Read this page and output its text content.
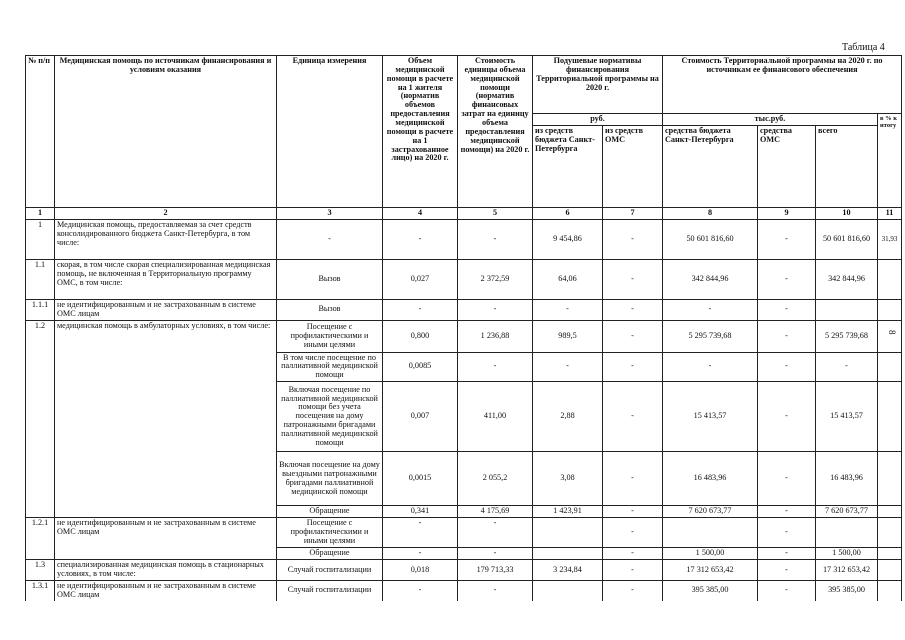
Таблица 4
8
№ п/п	Медицинская помощь по источникам финансирования и условиям оказания	Единица измерения	Объем медицинской помощи в расчете на 1 жителя (норматив объемов предоставления медицинской помощи в расчете на 1 застрахованное лицо) на 2020 г.	Стоимость единицы объема медицинской помощи (норматив финансовых затрат на единицу объема предоставления медицинской помощи) на 2020 г.	Подушевые нормативы финансирования Территориальной программы на 2020 г.		Стоимость Территориальной программы на 2020 г. по источникам ее финансового обеспечения			

					руб.		тыс.руб.			в % к итогу
					из средств бюджета Санкт-Петербурга	из средств ОМС	средства бюджета Санкт-Петербурга	средства ОМС	всего	
1	2	3	4	5	6	7	8	9	10	11
1	Медицинская помощь, предоставляемая за счет средств консолидированного бюджета Санкт-Петербурга, в том числе:	-	-	-	9 454,86	-	50 601 816,60	-	50 601 816,60	31,93
1.1	скорая, в том числе скорая специализированная медицинская помощь, не включенная в Территориальную программу ОМС, в том числе:	Вызов	0,027	2 372,59	64,06	-	342 844,96	-	342 844,96	
1.1.1	не идентифицированным и не застрахованным в системе ОМС лицам	Вызов	-	-	-	-	-	-		
1.2	медицинская помощь в амбулаторных условиях, в том числе:	Посещение с профилактическими и иными целями	0,800	1 236,88	989,5	-	5 295 739,68	-	5 295 739,68	
		В том числе посещение по паллиативной медицинской помощи	0,0085	-	-	-	-	-	-	
		Включая посещение по паллиативной медицинской помощи без учета посещения на дому патронажными бригадами паллиативной медицинской помощи	0,007	411,00	2,88	-	15 413,57	-	15 413,57	
		Включая посещение на дому выездными патронажными бригадами паллиативной медицинской помощи	0,0015	2 055,2	3,08	-	16 483,96	-	16 483,96	
		Обращение	0,341	4 175,69	1 423,91	-	7 620 673,77	-	7 620 673,77	
1.2.1	не идентифицированным и не застрахованным в системе ОМС лицам	Посещение с профилактическими и иными целями	-	-		-		-		
		Обращение	-	-		-	1 500,00	-	1 500,00	
1.3	специализированная медицинская помощь в стационарных условиях, в том числе:	Случай госпитализации	0,018	179 713,33	3 234,84	-	17 312 653,42	-	17 312 653,42	
1.3.1	не идентифицированным и не застрахованным в системе ОМС лицам	Случай госпитализации	-	-		-	395 385,00	-	395 385,00	
